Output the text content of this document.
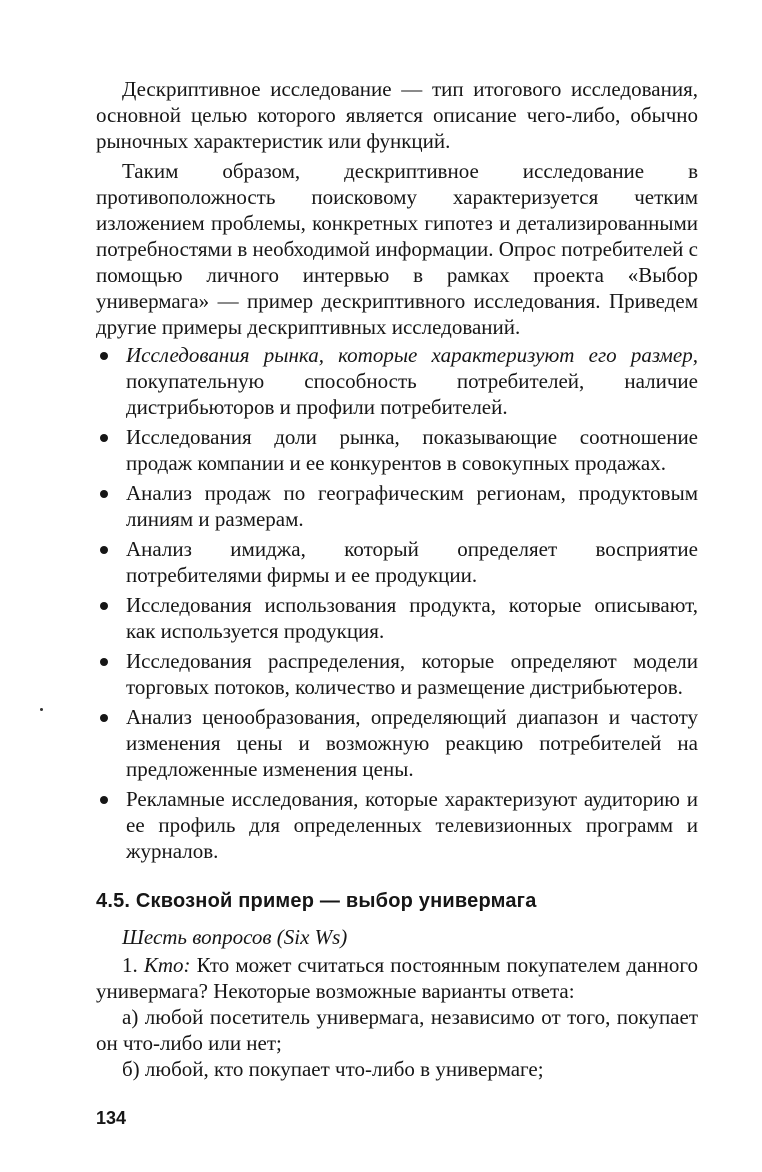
Дескриптивное исследование — тип итогового исследования, основной целью которого является описание чего-либо, обычно рыночных характеристик или функций.

Таким образом, дескриптивное исследование в противоположность поисковому характеризуется четким изложением проблемы, конкретных гипотез и детализированными потребностями в необходимой информации. Опрос потребителей с помощью личного интервью в рамках проекта «Выбор универмага» — пример дескриптивного исследования. Приведем другие примеры дескриптивных исследований.

Исследования рынка, которые характеризуют его размер, покупательную способность потребителей, наличие дистрибьюторов и профили потребителей.
Исследования доли рынка, показывающие соотношение продаж компании и ее конкурентов в совокупных продажах.
Анализ продаж по географическим регионам, продуктовым линиям и размерам.
Анализ имиджа, который определяет восприятие потребителями фирмы и ее продукции.
Исследования использования продукта, которые описывают, как используется продукция.
Исследования распределения, которые определяют модели торговых потоков, количество и размещение дистрибьютеров.
Анализ ценообразования, определяющий диапазон и частоту изменения цены и возможную реакцию потребителей на предложенные изменения цены.
Рекламные исследования, которые характеризуют аудиторию и ее профиль для определенных телевизионных программ и журналов.
4.5. Сквозной пример — выбор универмага

Шесть вопросов (Six Ws)

1. Кто: Кто может считаться постоянным покупателем данного универмага? Некоторые возможные варианты ответа:

а) любой посетитель универмага, независимо от того, покупает он что-либо или нет;

б) любой, кто покупает что-либо в универмаге;

134
